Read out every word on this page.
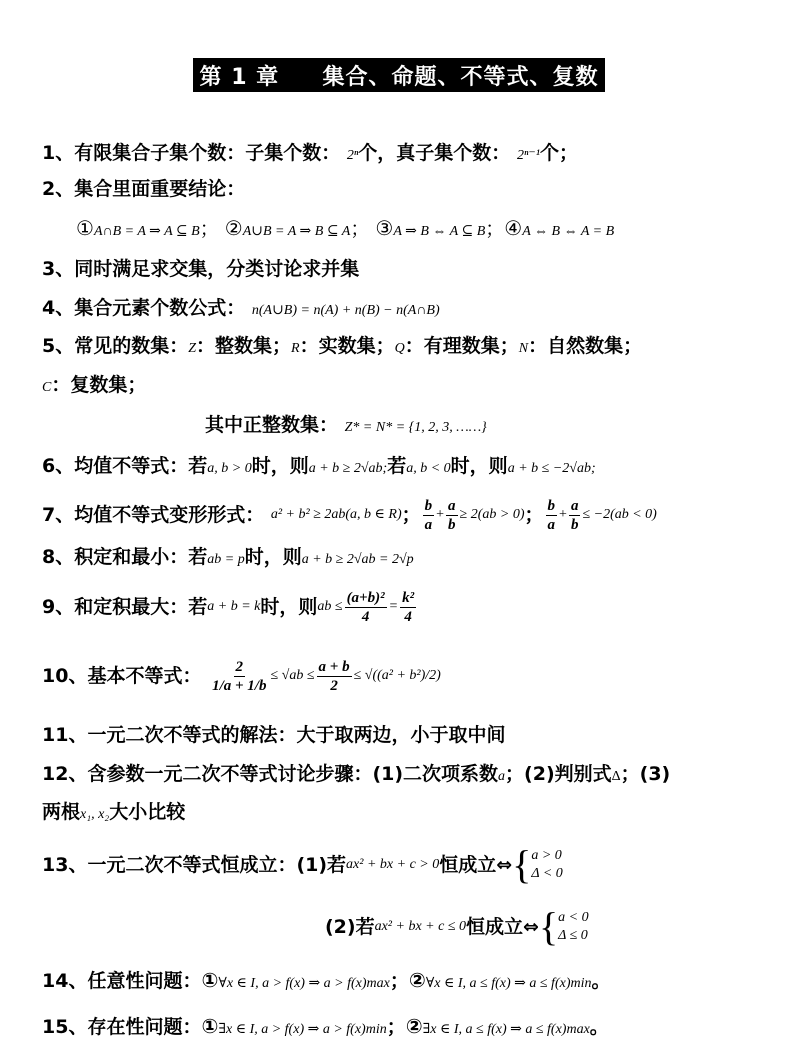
第 1 章     集合、命题、不等式、复数
1、有限集合子集个数：子集个数： 2ⁿ个，真子集个数： 2ⁿ⁻¹个；
2、集合里面重要结论：
①A∩B = A ⇒ A ⊆ B； ②A∪B = A ⇒ B ⊆ A； ③A ⇒ B ⇔ A ⊆ B；④A ⇔ B ⇔ A = B
3、同时满足求交集，分类讨论求并集
4、集合元素个数公式： n(A∪B) = n(A) + n(B) − n(A∩B)
5、常见的数集：Z：整数集；R：实数集；Q：有理数集；N：自然数集；
C：复数集；
其中正整数集： Z* = N* = {1, 2, 3, ……}
6、均值不等式：若a, b > 0时，则a + b ≥ 2√ab;若a, b < 0时，则a + b ≤ −2√ab;
7、均值不等式变形形式：
a² + b² ≥ 2ab(a, b ∈ R) ； $\frac{b}{a} + \frac{a}{b} \ge 2(ab > 0)$ ； $\frac{b}{a} + \frac{a}{b} \le -2(ab < 0)$
8、积定和最小：若ab = p时，则a + b ≥ 2√ab = 2√p
9、和定积最大： 若 a + b = k 时，则 ab ≤ $\frac{\text{(a+b)²}}{4} = \frac{\text{k²}}{4}$
10、基本不等式：
$\frac{2}{1/a + 1/b} \le √ab \le \frac{a + b}{2} \le √((a^2 + b^2)/2)$
11、一元二次不等式的解法：大于取两边，小于取中间
12、含参数一元二次不等式讨论步骤：(1)二次项系数a；(2)判别式Δ；(3)
两根x₁, x₂大小比较
13、一元二次不等式恒成立： (1)若 ax² + bx + c > 0 恒成立⇔ { a > 0
Δ < 0
(2)若 ax² + bx + c ≤ 0 恒成立⇔ { a < 0
Δ ≤ 0
14、任意性问题：①∀x ∈ I, a > f(x) ⇒ a > f(x)max；②∀x ∈ I, a ≤ f(x) ⇒ a ≤ f(x)min。
15、存在性问题：①∃x ∈ I, a > f(x) ⇒ a > f(x)min；②∃x ∈ I, a ≤ f(x) ⇒ a ≤ f(x)max。
